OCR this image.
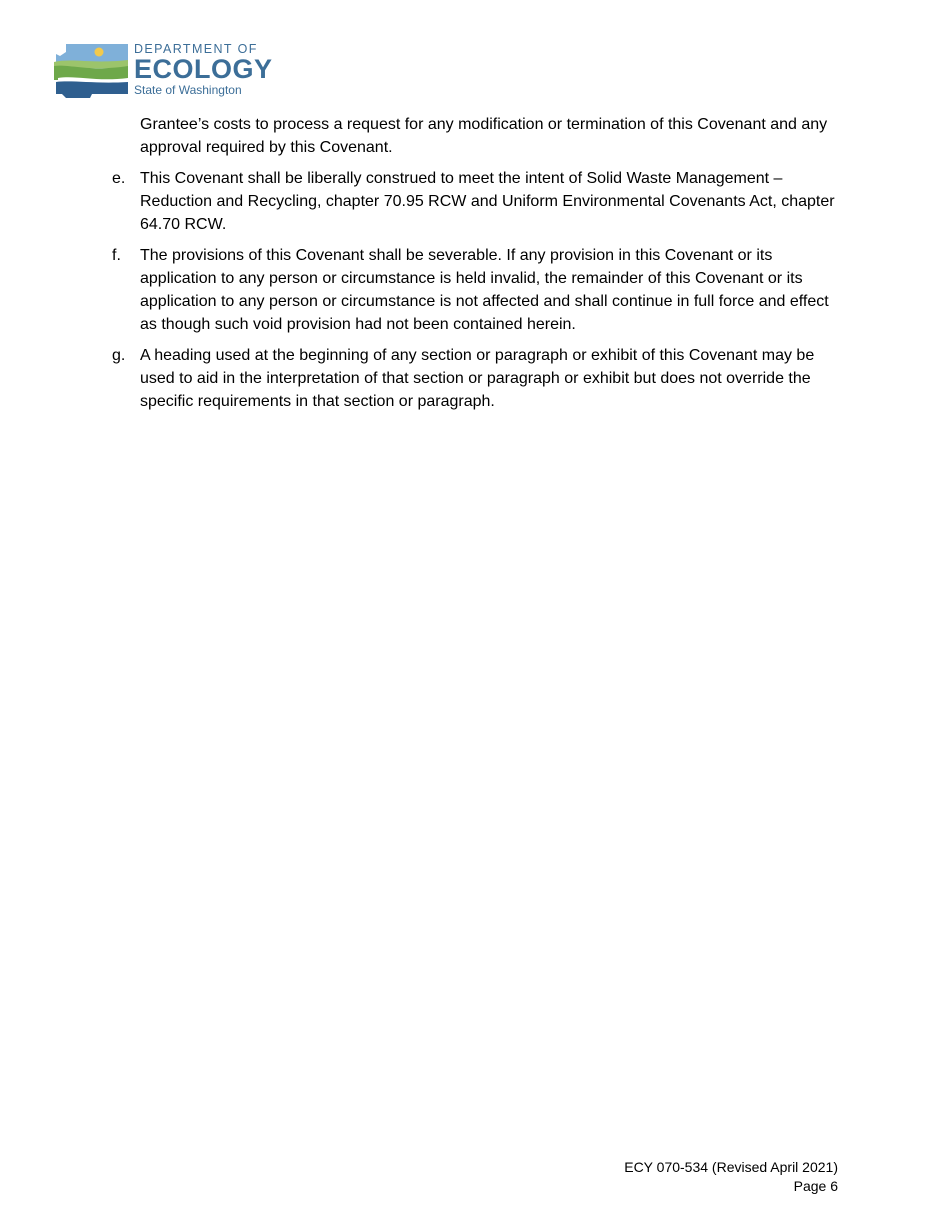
DEPARTMENT OF
ECOLOGY
State of Washington

Grantee’s costs to process a request for any modification or termination of this Covenant and any approval required by this Covenant.

e. This Covenant shall be liberally construed to meet the intent of Solid Waste Management – Reduction and Recycling, chapter 70.95 RCW and Uniform Environmental Covenants Act, chapter 64.70 RCW.
f.	The provisions of this Covenant shall be severable. If any provision in this Covenant or its application to any person or circumstance is held invalid, the remainder of this Covenant or its application to any person or circumstance is not affected and shall continue in full force and effect as though such void provision had not been contained herein.
g. A heading used at the beginning of any section or paragraph or exhibit of this Covenant may be used to aid in the interpretation of that section or paragraph or exhibit but does not override the specific requirements in that section or paragraph.
ECY 070-534 (Revised April 2021)
Page 6
